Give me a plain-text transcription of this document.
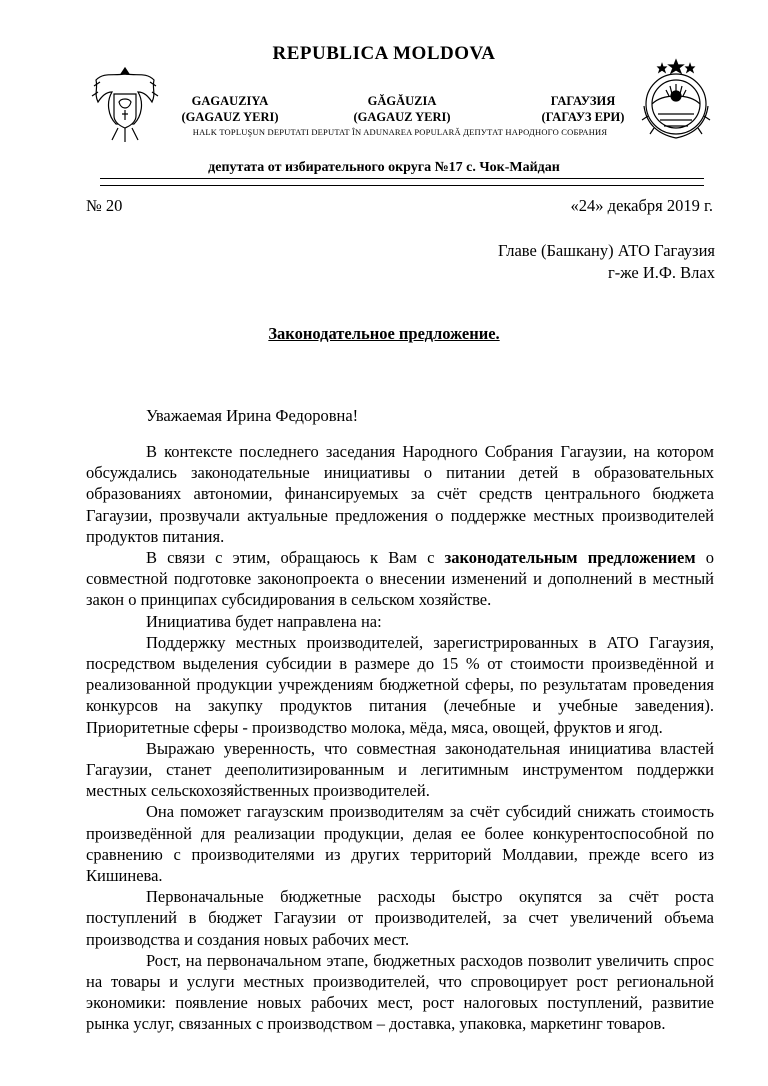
REPUBLICA MOLDOVA
GAGAUZIYA
(GAGAUZ YERI)
GĂGĂUZIA
(GAGAUZ YERI)
ГАГАУЗИЯ
(ГАГАУЗ ЕРИ)
HALK TOPLUŞUN DEPUTATI DEPUTAT ÎN ADUNAREA POPULARĂ ДЕПУТАТ НАРОДНОГО СОБРАНИЯ
депутата от избирательного округа №17 с. Чок-Майдан
№ 20	«24» декабря 2019 г.
Главе (Башкану) АТО Гагаузия
г-же И.Ф. Влах
Законодательное предложение.
Уважаемая Ирина Федоровна!

В контексте последнего заседания Народного Собрания Гагаузии, на котором обсуждались законодательные инициативы о питании детей в образовательных образованиях автономии, финансируемых за счёт средств центрального бюджета Гагаузии, прозвучали актуальные предложения о поддержке местных производителей продуктов питания.

В связи с этим, обращаюсь к Вам с законодательным предложением о совместной подготовке законопроекта о внесении изменений и дополнений в местный закон о принципах субсидирования в сельском хозяйстве.

Инициатива будет направлена на:

Поддержку местных производителей, зарегистрированных в АТО Гагаузия, посредством выделения субсидии в размере до 15 % от стоимости произведённой и реализованной продукции учреждениям бюджетной сферы, по результатам проведения конкурсов на закупку продуктов питания (лечебные и учебные заведения). Приоритетные сферы - производство молока, мёда, мяса, овощей, фруктов и ягод.

Выражаю уверенность, что совместная законодательная инициатива властей Гагаузии, станет дееполитизированным и легитимным инструментом поддержки местных сельскохозяйственных производителей.

Она поможет гагаузским производителям за счёт субсидий снижать стоимость произведённой для реализации продукции, делая ее более конкурентоспособной по сравнению с производителями из других территорий Молдавии, прежде всего из Кишинева.

Первоначальные бюджетные расходы быстро окупятся за счёт роста поступлений в бюджет Гагаузии от производителей, за счет увеличений объема производства и создания новых рабочих мест.

Рост, на первоначальном этапе, бюджетных расходов позволит увеличить спрос на товары и услуги местных производителей, что спровоцирует рост региональной экономики: появление новых рабочих мест, рост налоговых поступлений, развитие рынка услуг, связанных с производством – доставка, упаковка, маркетинг товаров.
